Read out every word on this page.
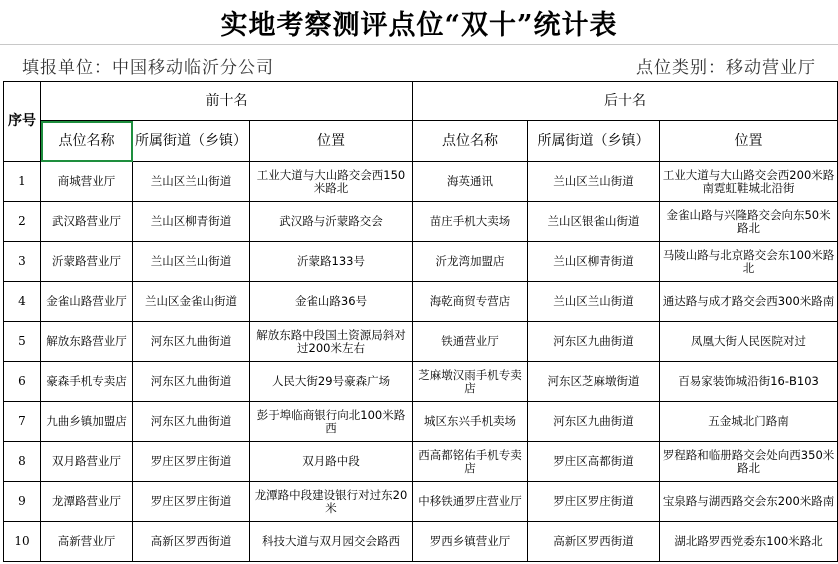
实地考察测评点位“双十”统计表
填报单位：中国移动临沂分公司	点位类别：移动营业厅
序号	前十名			后十名		
	点位名称	所属街道（乡镇）	位置	点位名称	所属街道（乡镇）	位置
1	商城营业厅	兰山区兰山街道	工业大道与大山路交会西150米路北	海英通讯	兰山区兰山街道	工业大道与大山路交会西200米路南霓虹鞋城北沿街
2	武汉路营业厅	兰山区柳青街道	武汉路与沂蒙路交会	苗庄手机大卖场	兰山区银雀山街道	金雀山路与兴隆路交会向东50米路北
3	沂蒙路营业厅	兰山区兰山街道	沂蒙路133号	沂龙湾加盟店	兰山区柳青街道	马陵山路与北京路交会东100米路北
4	金雀山路营业厅	兰山区金雀山街道	金雀山路36号	海乾商贸专营店	兰山区兰山街道	通达路与成才路交会西300米路南
5	解放东路营业厅	河东区九曲街道	解放东路中段国土资源局斜对过200米左右	铁通营业厅	河东区九曲街道	凤凰大街人民医院对过
6	豪森手机专卖店	河东区九曲街道	人民大街29号豪森广场	芝麻墩汉雨手机专卖店	河东区芝麻墩街道	百易家装饰城沿街16-B103
7	九曲乡镇加盟店	河东区九曲街道	彭于埠临商银行向北100米路西	城区东兴手机卖场	河东区九曲街道	五金城北门路南
8	双月路营业厅	罗庄区罗庄街道	双月路中段	西高都铭佑手机专卖店	罗庄区高都街道	罗程路和临册路交会处向西350米路北
9	龙潭路营业厅	罗庄区罗庄街道	龙潭路中段建设银行对过东20米	中移铁通罗庄营业厅	罗庄区罗庄街道	宝泉路与湖西路交会东200米路南
10	高新营业厅	高新区罗西街道	科技大道与双月园交会路西	罗西乡镇营业厅	高新区罗西街道	湖北路罗西党委东100米路北
